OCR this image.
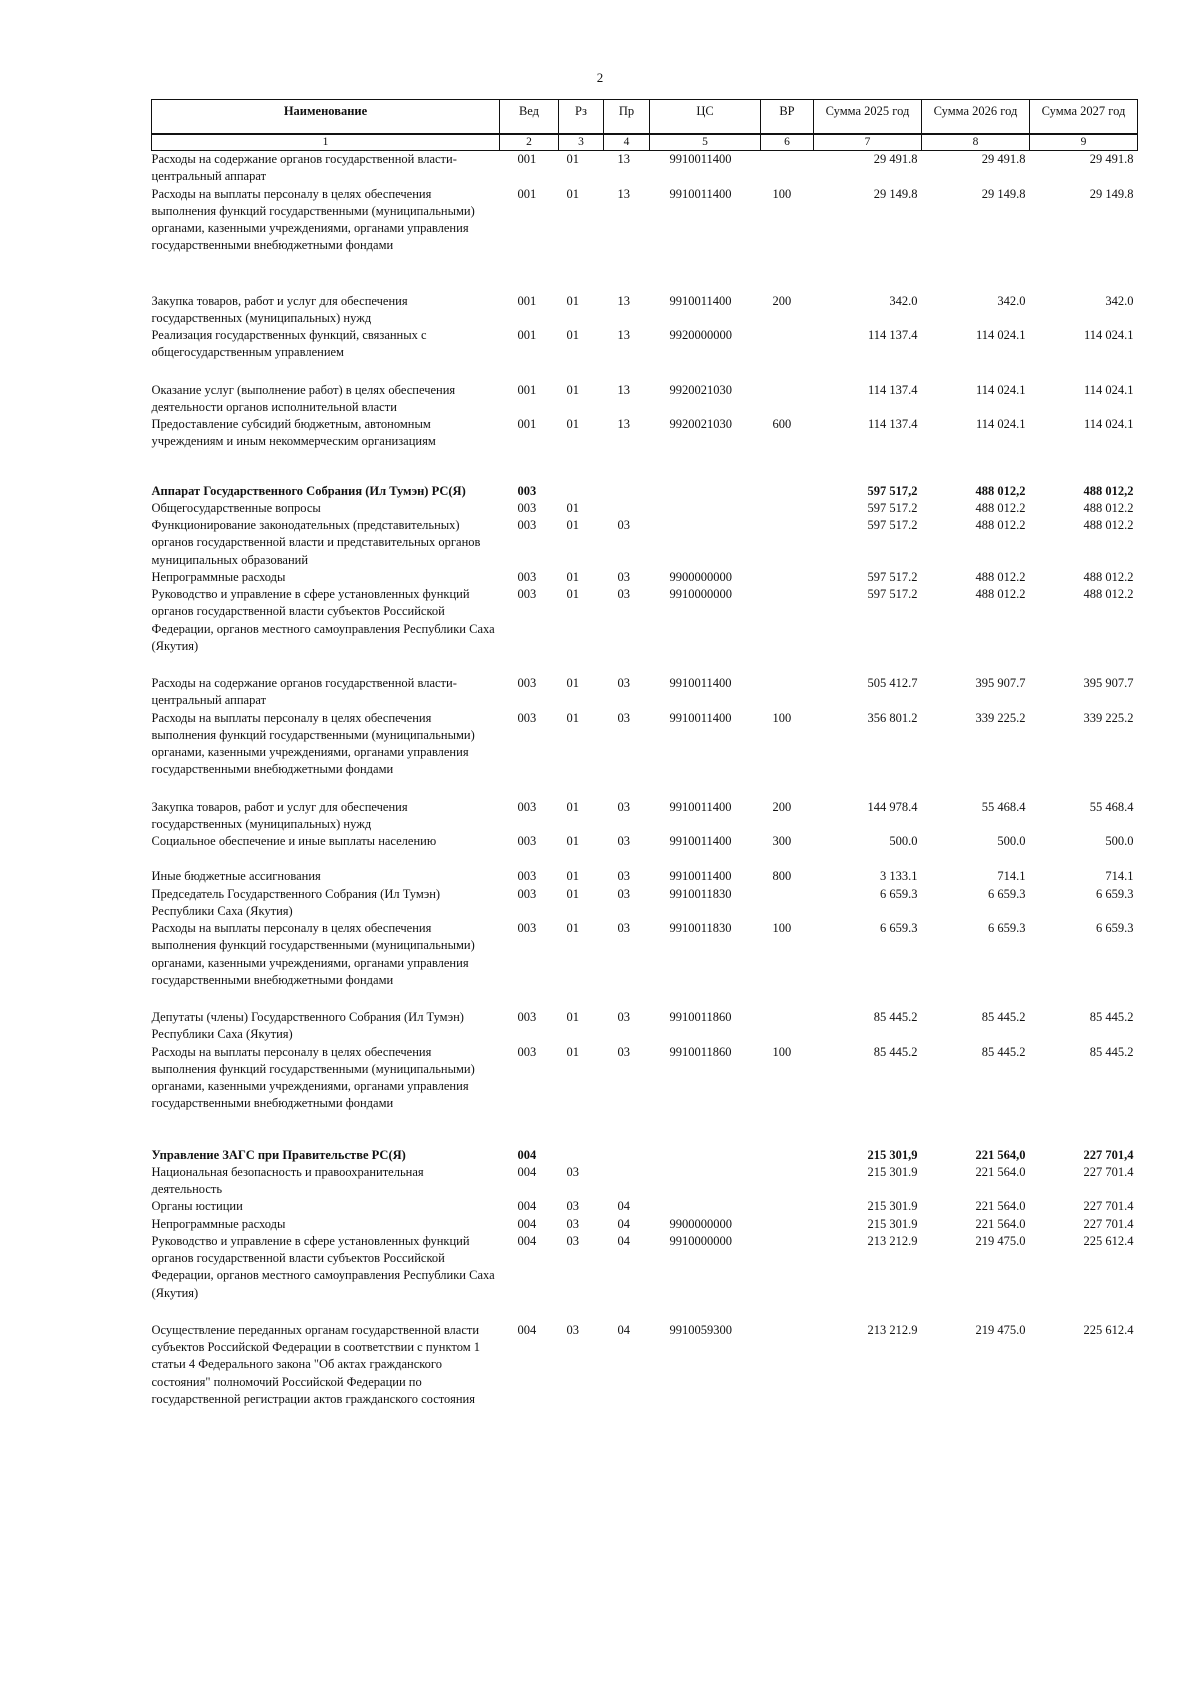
2
Наименование	Вед	Рз	Пр	ЦС	ВР	Сумма 2025 год	Сумма 2026 год	Сумма 2027 год
1	2	3	4	5	6	7	8	9
Расходы на содержание органов государственной власти- центральный аппарат	001	01	13	9910011400		29 491.8	29 491.8	29 491.8
Расходы на выплаты персоналу в целях обеспечения выполнения функций государственными (муниципальными) органами, казенными учреждениями, органами управления государственными внебюджетными фондами	001	01	13	9910011400	100	29 149.8	29 149.8	29 149.8
Закупка товаров, работ и услуг для обеспечения государственных (муниципальных) нужд	001	01	13	9910011400	200	342.0	342.0	342.0
Реализация государственных функций, связанных с общегосударственным управлением	001	01	13	9920000000		114 137.4	114 024.1	114 024.1
Оказание услуг (выполнение работ) в целях обеспечения деятельности органов исполнительной власти	001	01	13	9920021030		114 137.4	114 024.1	114 024.1
Предоставление субсидий бюджетным, автономным учреждениям и иным некоммерческим организациям	001	01	13	9920021030	600	114 137.4	114 024.1	114 024.1
Аппарат Государственного Собрания (Ил Тумэн) РС(Я)	003					597 517,2	488 012,2	488 012,2
Общегосударственные вопросы	003	01				597 517.2	488 012.2	488 012.2
Функционирование законодательных (представительных) органов государственной власти и представительных органов муниципальных образований	003	01	03			597 517.2	488 012.2	488 012.2
Непрограммные расходы	003	01	03	9900000000		597 517.2	488 012.2	488 012.2
Руководство и управление в сфере установленных функций органов государственной власти субъектов Российской Федерации, органов местного самоуправления Республики Саха (Якутия)	003	01	03	9910000000		597 517.2	488 012.2	488 012.2
Расходы на содержание органов государственной власти- центральный аппарат	003	01	03	9910011400		505 412.7	395 907.7	395 907.7
Расходы на выплаты персоналу в целях обеспечения выполнения функций государственными (муниципальными) органами, казенными учреждениями, органами управления государственными внебюджетными фондами	003	01	03	9910011400	100	356 801.2	339 225.2	339 225.2
Закупка товаров, работ и услуг для обеспечения государственных (муниципальных) нужд	003	01	03	9910011400	200	144 978.4	55 468.4	55 468.4
Социальное обеспечение и иные выплаты населению	003	01	03	9910011400	300	500.0	500.0	500.0
Иные бюджетные ассигнования	003	01	03	9910011400	800	3 133.1	714.1	714.1
Председатель Государственного Собрания (Ил Тумэн) Республики Саха (Якутия)	003	01	03	9910011830		6 659.3	6 659.3	6 659.3
Расходы на выплаты персоналу в целях обеспечения выполнения функций государственными (муниципальными) органами, казенными учреждениями, органами управления государственными внебюджетными фондами	003	01	03	9910011830	100	6 659.3	6 659.3	6 659.3
Депутаты (члены) Государственного Собрания (Ил Тумэн) Республики Саха (Якутия)	003	01	03	9910011860		85 445.2	85 445.2	85 445.2
Расходы на выплаты персоналу в целях обеспечения выполнения функций государственными (муниципальными) органами, казенными учреждениями, органами управления государственными внебюджетными фондами	003	01	03	9910011860	100	85 445.2	85 445.2	85 445.2
Управление ЗАГС при Правительстве РС(Я)	004					215 301,9	221 564,0	227 701,4
Национальная безопасность и правоохранительная деятельность	004	03				215 301.9	221 564.0	227 701.4
Органы юстиции	004	03	04			215 301.9	221 564.0	227 701.4
Непрограммные расходы	004	03	04	9900000000		215 301.9	221 564.0	227 701.4
Руководство и управление в сфере установленных функций органов государственной власти субъектов Российской Федерации, органов местного самоуправления Республики Саха (Якутия)	004	03	04	9910000000		213 212.9	219 475.0	225 612.4
Осуществление переданных органам государственной власти субъектов Российской Федерации в соответствии с пунктом 1 статьи 4 Федерального закона "Об актах гражданского состояния" полномочий Российской Федерации по государственной регистрации актов гражданского состояния	004	03	04	9910059300		213 212.9	219 475.0	225 612.4
